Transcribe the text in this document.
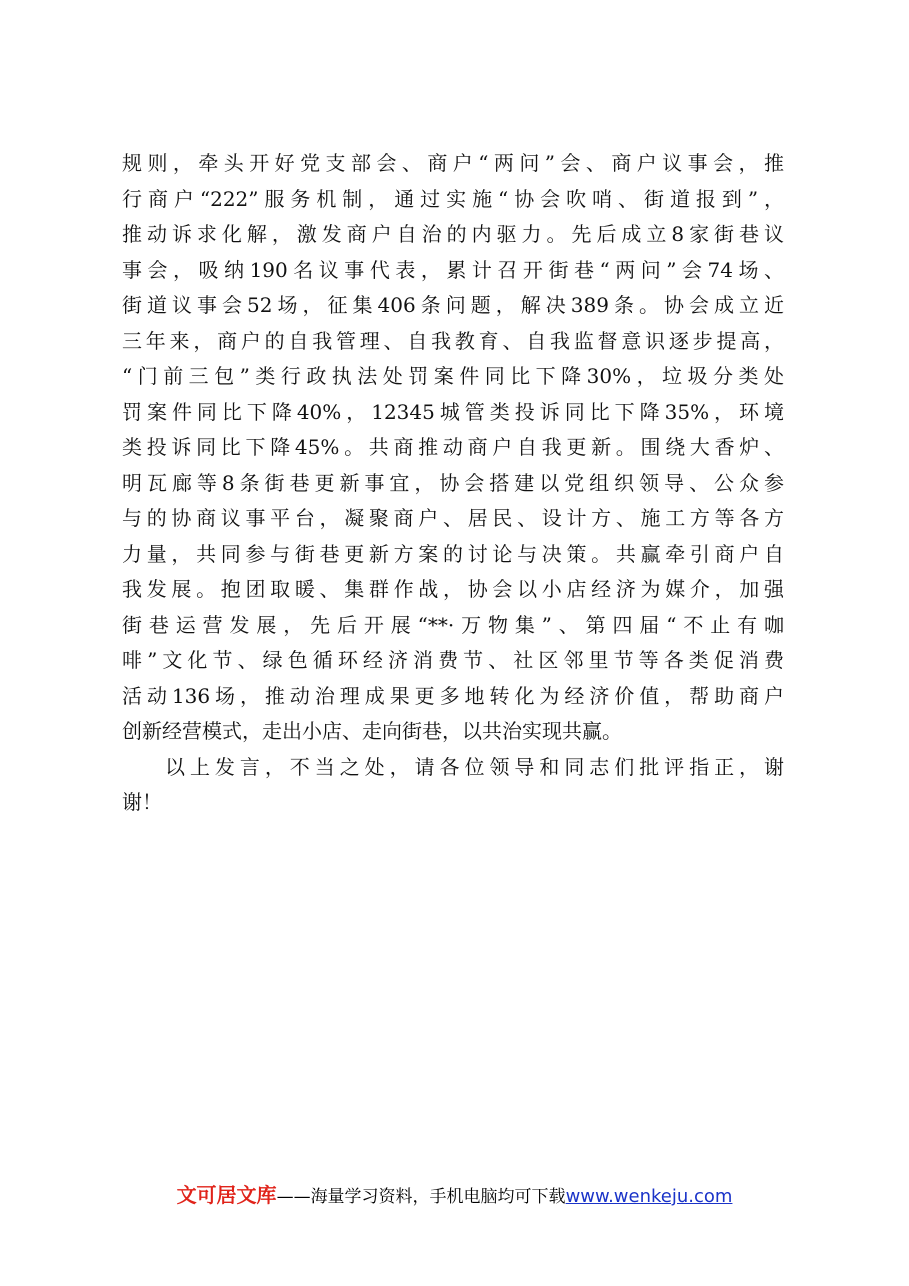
规则，牵头开好党支部会、商户“两问”会、商户议事会，推
行商户“222”服务机制，通过实施“协会吹哨、街道报到”，
推动诉求化解，激发商户自治的内驱力。先后成立8家街巷议
事会，吸纳190名议事代表，累计召开街巷“两问”会74场、
街道议事会52场，征集406条问题，解决389条。协会成立近
三年来，商户的自我管理、自我教育、自我监督意识逐步提高，
“门前三包”类行政执法处罚案件同比下降30%，垃圾分类处
罚案件同比下降40%，12345城管类投诉同比下降35%，环境
类投诉同比下降45%。共商推动商户自我更新。围绕大香炉、
明瓦廊等8条街巷更新事宜，协会搭建以党组织领导、公众参
与的协商议事平台，凝聚商户、居民、设计方、施工方等各方
力量，共同参与街巷更新方案的讨论与决策。共赢牵引商户自
我发展。抱团取暖、集群作战，协会以小店经济为媒介，加强
街巷运营发展，先后开展“**·万物集”、第四届“不止有咖
啡”文化节、绿色循环经济消费节、社区邻里节等各类促消费
活动136场，推动治理成果更多地转化为经济价值，帮助商户
创新经营模式，走出小店、走向街巷，以共治实现共赢。
以上发言，不当之处，请各位领导和同志们批评指正，谢
谢！
文可居文库——海量学习资料，手机电脑均可下载www.wenkeju.com
